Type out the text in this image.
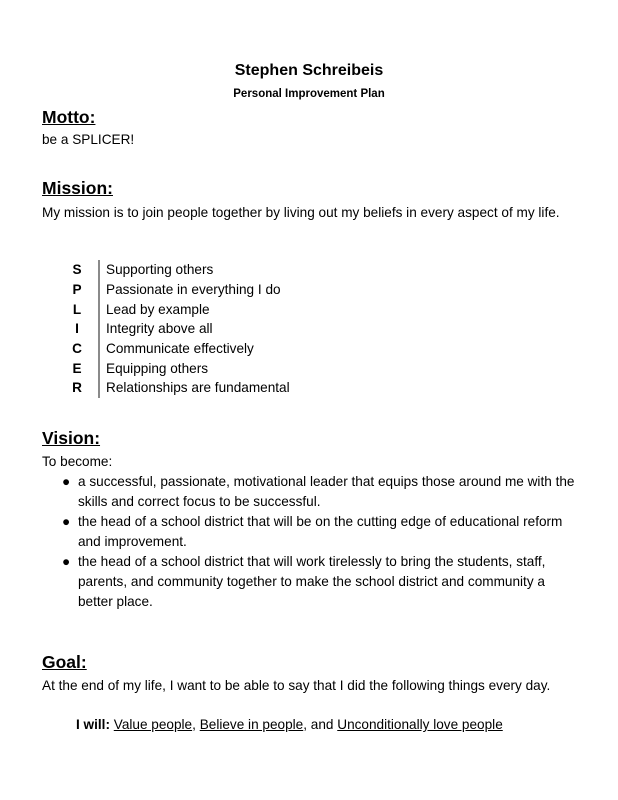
Stephen Schreibeis
Personal Improvement Plan
Motto:
be a SPLICER!
Mission:
My mission is to join people together by living out my beliefs in every aspect of my life.
S	Supporting others
P	Passionate in everything I do
L	Lead by example
I	Integrity above all
C	Communicate effectively
E	Equipping others
R	Relationships are fundamental
Vision:
To become:
● a successful, passionate, motivational leader that equips those around me with the skills and correct focus to be successful.
● the head of a school district that will be on the cutting edge of educational reform and improvement.
● the head of a school district that will work tirelessly to bring the students, staff, parents, and community together to make the school district and community a better place.
Goal:
At the end of my life, I want to be able to say that I did the following things every day.
I will: Value people, Believe in people, and Unconditionally love people
